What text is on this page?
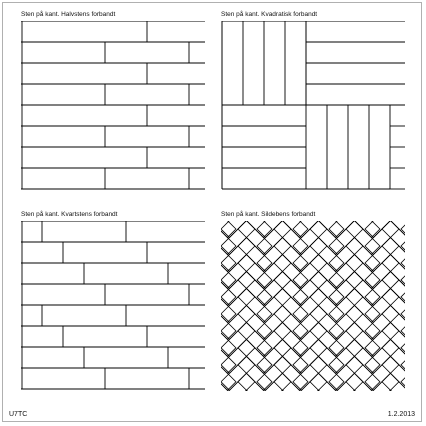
Sten på kant. Halvstens forbandt	Sten på kant. Kvadratisk forbandt
Sten på kant. Kvartstens forbandt	Sten på kant. Sildebens forbandt
U7TC	1.2.2013
